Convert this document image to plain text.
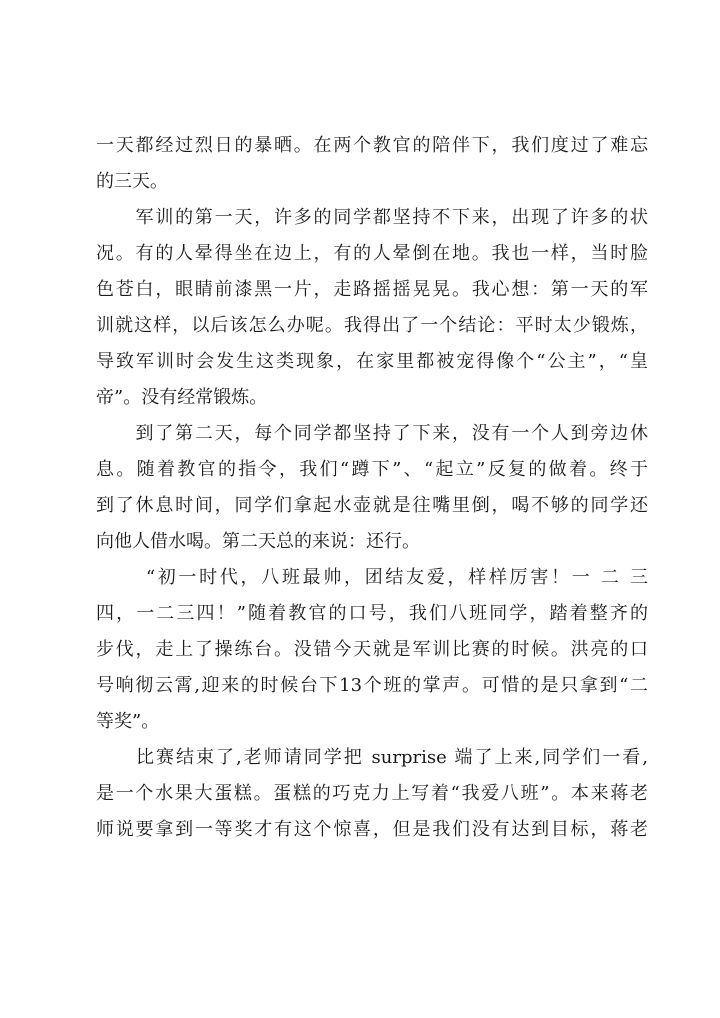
一天都经过烈日的暴晒。在两个教官的陪伴下，我们度过了难忘
的三天。
　　军训的第一天，许多的同学都坚持不下来，出现了许多的状
况。有的人晕得坐在边上，有的人晕倒在地。我也一样，当时脸
色苍白，眼睛前漆黑一片，走路摇摇晃晃。我心想：第一天的军
训就这样，以后该怎么办呢。我得出了一个结论：平时太少锻炼，
导致军训时会发生这类现象，在家里都被宠得像个“公主”，“皇
帝”。没有经常锻炼。
　　到了第二天，每个同学都坚持了下来，没有一个人到旁边休
息。随着教官的指令，我们“蹲下”、“起立”反复的做着。终于
到了休息时间，同学们拿起水壶就是往嘴里倒，喝不够的同学还
向他人借水喝。第二天总的来说：还行。
　　 “初一时代，八班最帅，团结友爱，样样厉害！一 二 三
四，一二三四！”随着教官的口号，我们八班同学，踏着整齐的
步伐，走上了操练台。没错今天就是军训比赛的时候。洪亮的口
号响彻云霄,迎来的时候台下13个班的掌声。可惜的是只拿到“二
等奖”。
　　比赛结束了,老师请同学把 surprise 端了上来,同学们一看,
是一个水果大蛋糕。蛋糕的巧克力上写着“我爱八班”。本来蒋老
师说要拿到一等奖才有这个惊喜，但是我们没有达到目标，蒋老
